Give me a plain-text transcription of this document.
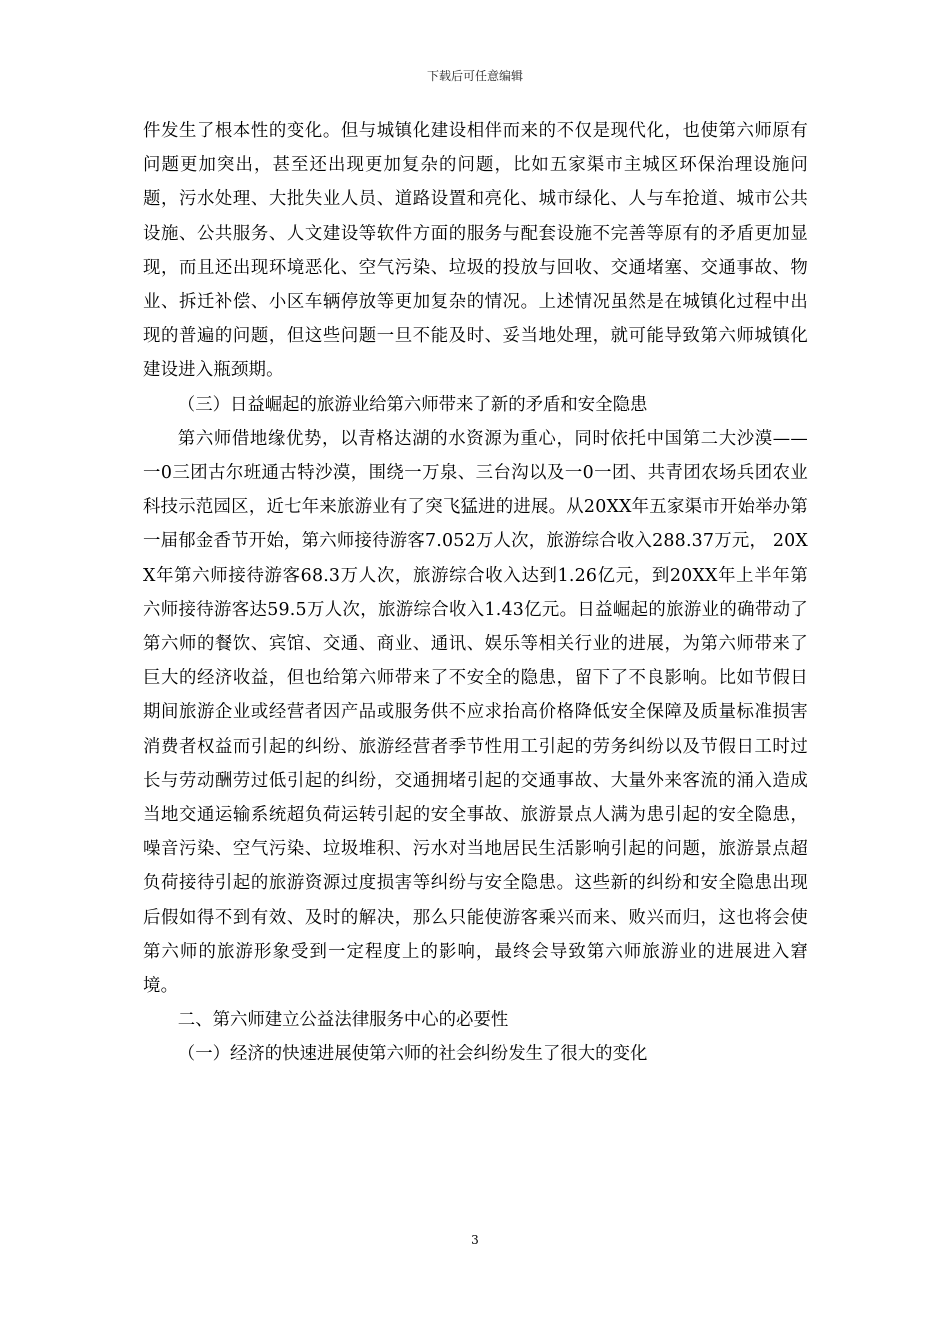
下载后可任意编辑

件发生了根本性的变化。但与城镇化建设相伴而来的不仅是现代化，也使第六师原有问题更加突出，甚至还出现更加复杂的问题，比如五家渠市主城区环保治理设施问题，污水处理、大批失业人员、道路设置和亮化、城市绿化、人与车抢道、城市公共设施、公共服务、人文建设等软件方面的服务与配套设施不完善等原有的矛盾更加显现，而且还出现环境恶化、空气污染、垃圾的投放与回收、交通堵塞、交通事故、物业、拆迁补偿、小区车辆停放等更加复杂的情况。上述情况虽然是在城镇化过程中出现的普遍的问题，但这些问题一旦不能及时、妥当地处理，就可能导致第六师城镇化建设进入瓶颈期。

（三）日益崛起的旅游业给第六师带来了新的矛盾和安全隐患

第六师借地缘优势，以青格达湖的水资源为重心，同时依托中国第二大沙漠—— 一0三团古尔班通古特沙漠，围绕一万泉、三台沟以及一0一团、共青团农场兵团农业科技示范园区，近七年来旅游业有了突飞猛进的进展。从20XX年五家渠市开始举办第一届郁金香节开始，第六师接待游客7.052万人次，旅游综合收入288.37万元， 20XX年第六师接待游客68.3万人次，旅游综合收入达到1.26亿元，到20XX年上半年第六师接待游客达59.5万人次，旅游综合收入1.43亿元。日益崛起的旅游业的确带动了第六师的餐饮、宾馆、交通、商业、通讯、娱乐等相关行业的进展，为第六师带来了巨大的经济收益，但也给第六师带来了不安全的隐患，留下了不良影响。比如节假日期间旅游企业或经营者因产品或服务供不应求抬高价格降低安全保障及质量标准损害消费者权益而引起的纠纷、旅游经营者季节性用工引起的劳务纠纷以及节假日工时过长与劳动酬劳过低引起的纠纷，交通拥堵引起的交通事故、大量外来客流的涌入造成当地交通运输系统超负荷运转引起的安全事故、旅游景点人满为患引起的安全隐患，噪音污染、空气污染、垃圾堆积、污水对当地居民生活影响引起的问题，旅游景点超负荷接待引起的旅游资源过度损害等纠纷与安全隐患。这些新的纠纷和安全隐患出现后假如得不到有效、及时的解决，那么只能使游客乘兴而来、败兴而归，这也将会使第六师的旅游形象受到一定程度上的影响，最终会导致第六师旅游业的进展进入窘境。

二、第六师建立公益法律服务中心的必要性

（一）经济的快速进展使第六师的社会纠纷发生了很大的变化

3
